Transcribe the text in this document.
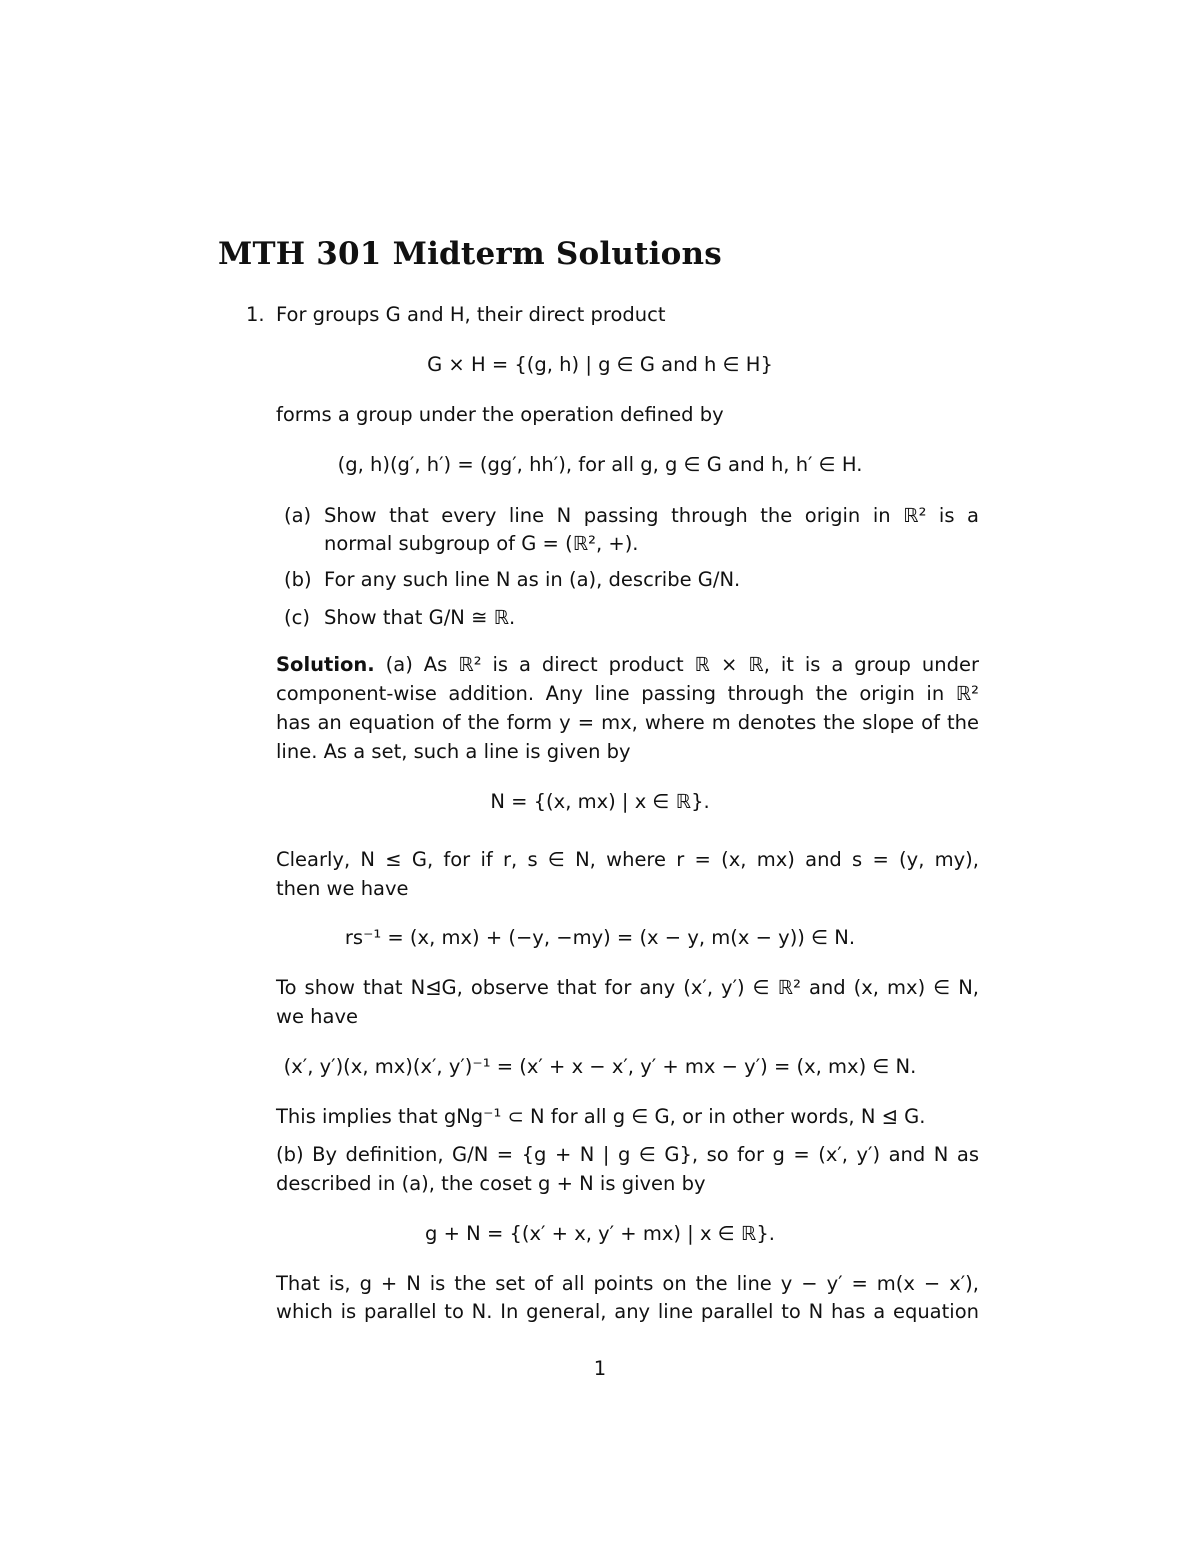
MTH 301 Midterm Solutions
1. For groups G and H, their direct product
G × H = {(g, h) | g ∈ G and h ∈ H}
forms a group under the operation defined by
(g, h)(g′, h′) = (gg′, hh′), for all g, g ∈ G and h, h′ ∈ H.
(a) Show that every line N passing through the origin in ℝ² is a
normal subgroup of G = (ℝ², +).
(b) For any such line N as in (a), describe G/N.
(c) Show that G/N ≅ ℝ.
Solution. (a) As ℝ² is a direct product ℝ × ℝ, it is a group under
component-wise addition. Any line passing through the origin in ℝ²
has an equation of the form y = mx, where m denotes the slope of the
line. As a set, such a line is given by
N = {(x, mx) | x ∈ ℝ}.
Clearly, N ≤ G, for if r, s ∈ N, where r = (x, mx) and s = (y, my),
then we have
rs⁻¹ = (x, mx) + (−y, −my) = (x − y, m(x − y)) ∈ N.
To show that N⊴G, observe that for any (x′, y′) ∈ ℝ² and (x, mx) ∈ N,
we have
(x′, y′)(x, mx)(x′, y′)⁻¹ = (x′ + x − x′, y′ + mx − y′) = (x, mx) ∈ N.
This implies that gNg⁻¹ ⊂ N for all g ∈ G, or in other words, N ⊴ G.
(b) By definition, G/N = {g + N | g ∈ G}, so for g = (x′, y′) and N as
described in (a), the coset g + N is given by
g + N = {(x′ + x, y′ + mx) | x ∈ ℝ}.
That is, g + N is the set of all points on the line y − y′ = m(x − x′),
which is parallel to N. In general, any line parallel to N has a equation
1
